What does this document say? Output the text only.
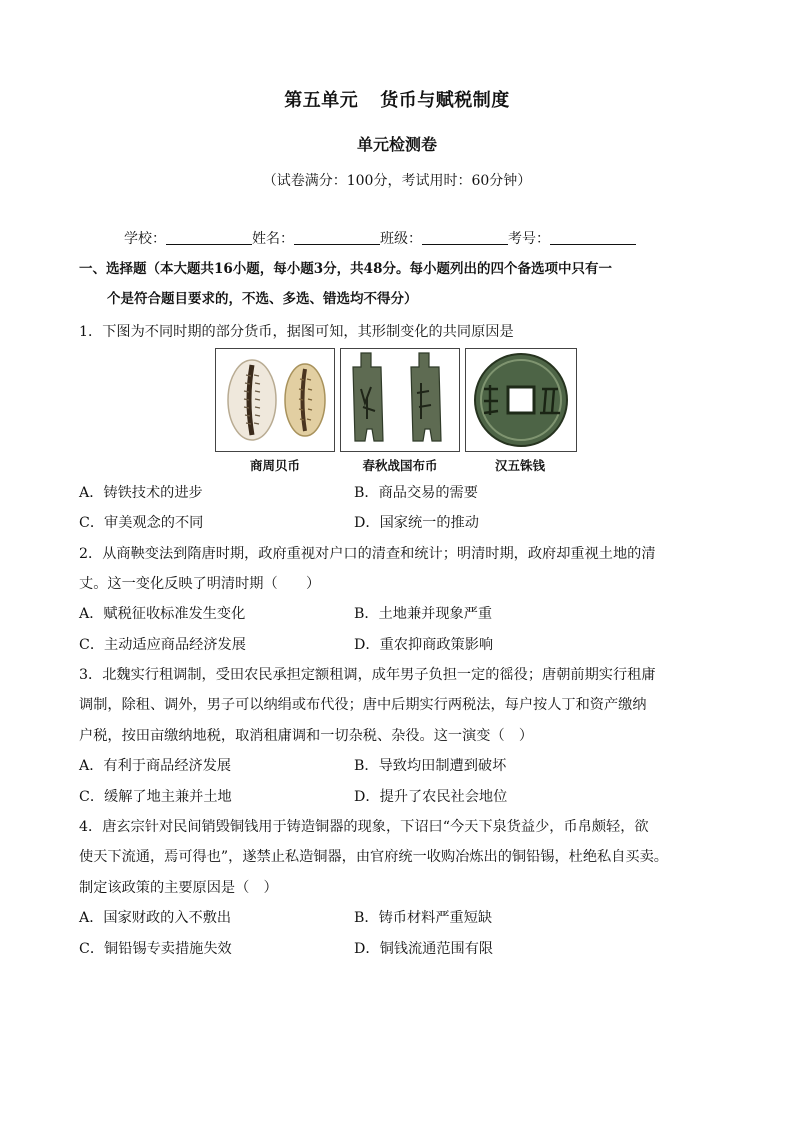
第五单元 货币与赋税制度
单元检测卷
（试卷满分：100分，考试用时：60分钟）
学校：	姓名：	班级：	考号：
一、选择题（本大题共16小题，每小题3分，共48分。每小题列出的四个备选项中只有一
个是符合题目要求的，不选、多选、错选均不得分）
1．下图为不同时期的部分货币，据图可知，其形制变化的共同原因是
商周贝币	春秋战国布币	汉五铢钱
A．铸铁技术的进步	B．商品交易的需要
C．审美观念的不同	D．国家统一的推动
2．从商鞅变法到隋唐时期，政府重视对户口的清查和统计；明清时期，政府却重视土地的清
丈。这一变化反映了明清时期（　　）
A．赋税征收标准发生变化	B．土地兼并现象严重
C．主动适应商品经济发展	D．重农抑商政策影响
3．北魏实行租调制，受田农民承担定额租调，成年男子负担一定的徭役；唐朝前期实行租庸
调制，除租、调外，男子可以纳绢或布代役；唐中后期实行两税法，每户按人丁和资产缴纳
户税，按田亩缴纳地税，取消租庸调和一切杂税、杂役。这一演变（　）
A．有利于商品经济发展	B．导致均田制遭到破坏
C．缓解了地主兼并土地	D．提升了农民社会地位
4．唐玄宗针对民间销毁铜钱用于铸造铜器的现象，下诏曰“今天下泉货益少，币帛颇轻，欲
使天下流通，焉可得也”，遂禁止私造铜器，由官府统一收购冶炼出的铜铅锡，杜绝私自买卖。
制定该政策的主要原因是（　）
A．国家财政的入不敷出	B．铸币材料严重短缺
C．铜铅锡专卖措施失效	D．铜钱流通范围有限
